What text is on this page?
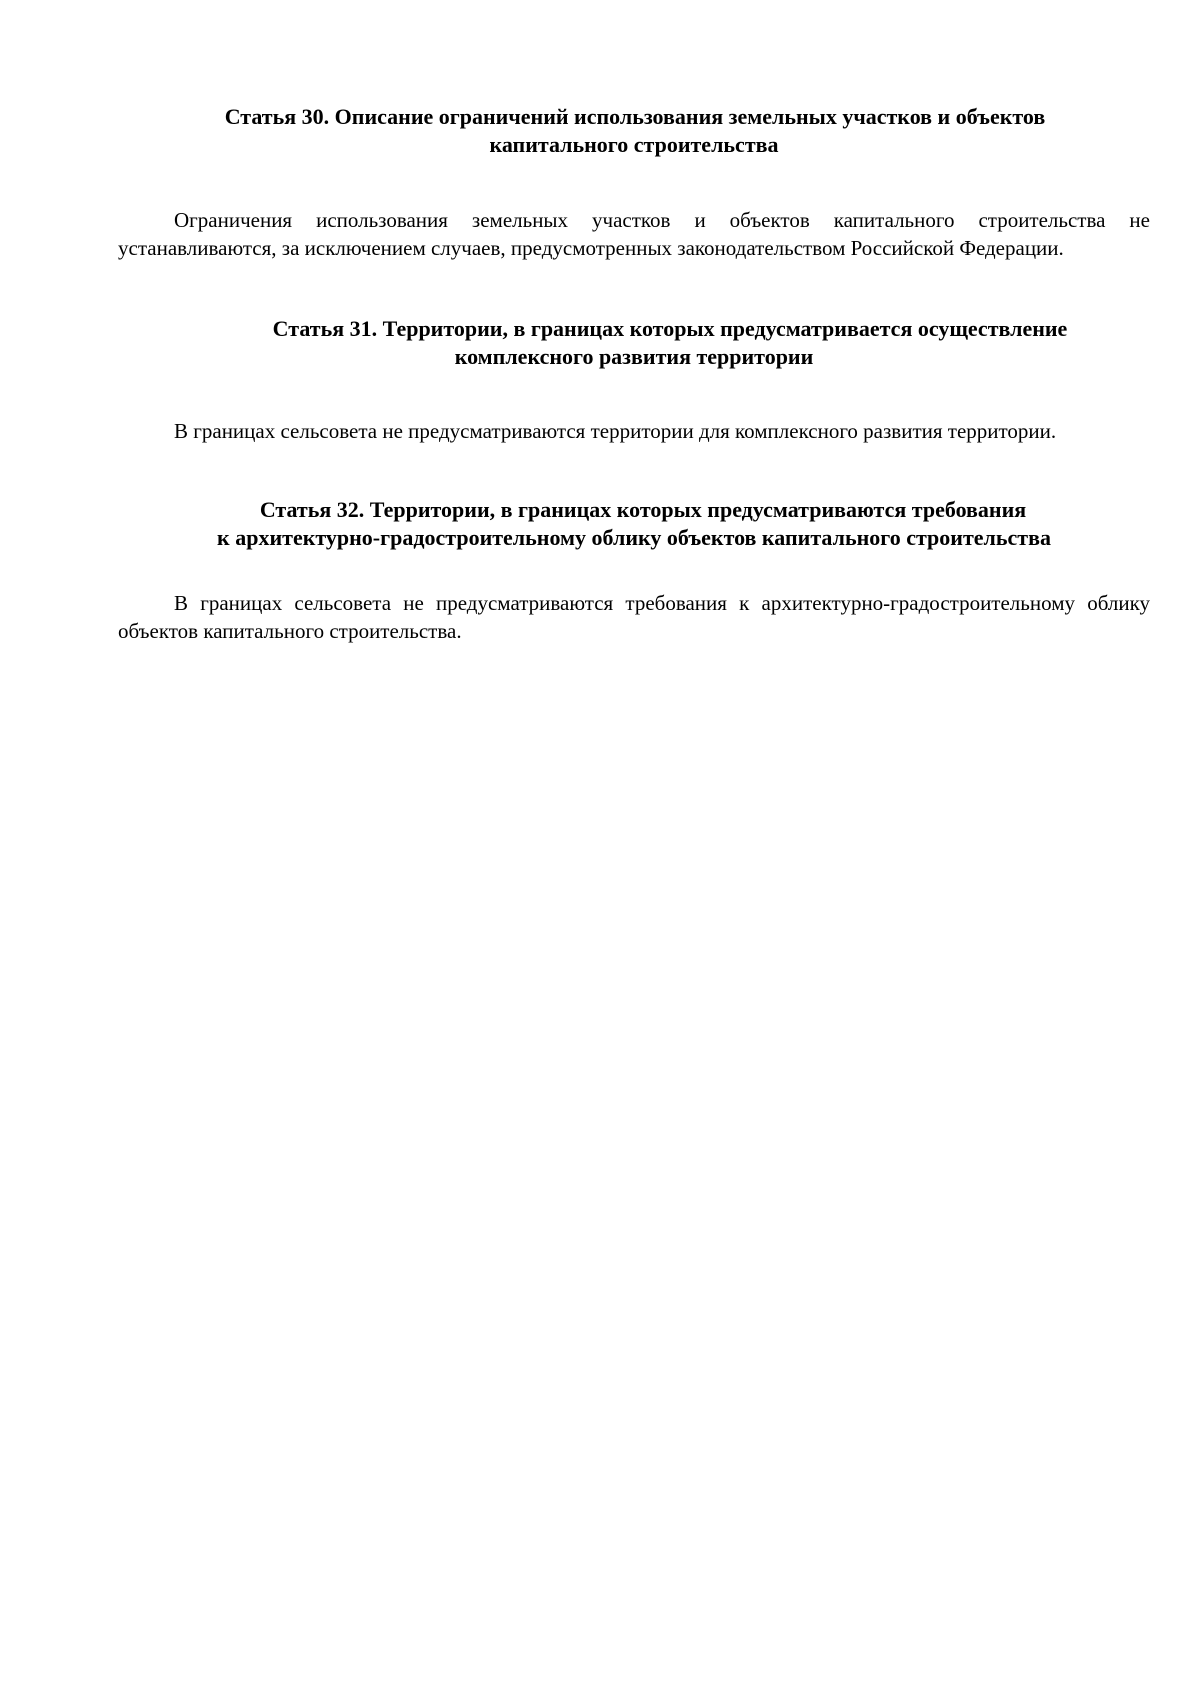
Статья 30. Описание ограничений использования земельных участков и объектов
капитального строительства

Ограничения использования земельных участков и объектов капитального строительства не устанавливаются, за исключением случаев, предусмотренных законодательством Российской Федерации.

Статья 31. Территории, в границах которых предусматривается осуществление
комплексного развития территории

В границах сельсовета не предусматриваются территории для комплексного развития территории.

Статья 32. Территории, в границах которых предусматриваются требования
к архитектурно-градостроительному облику объектов капитального строительства

В границах сельсовета не предусматриваются требования к архитектурно-градостроительному облику объектов капитального строительства.
